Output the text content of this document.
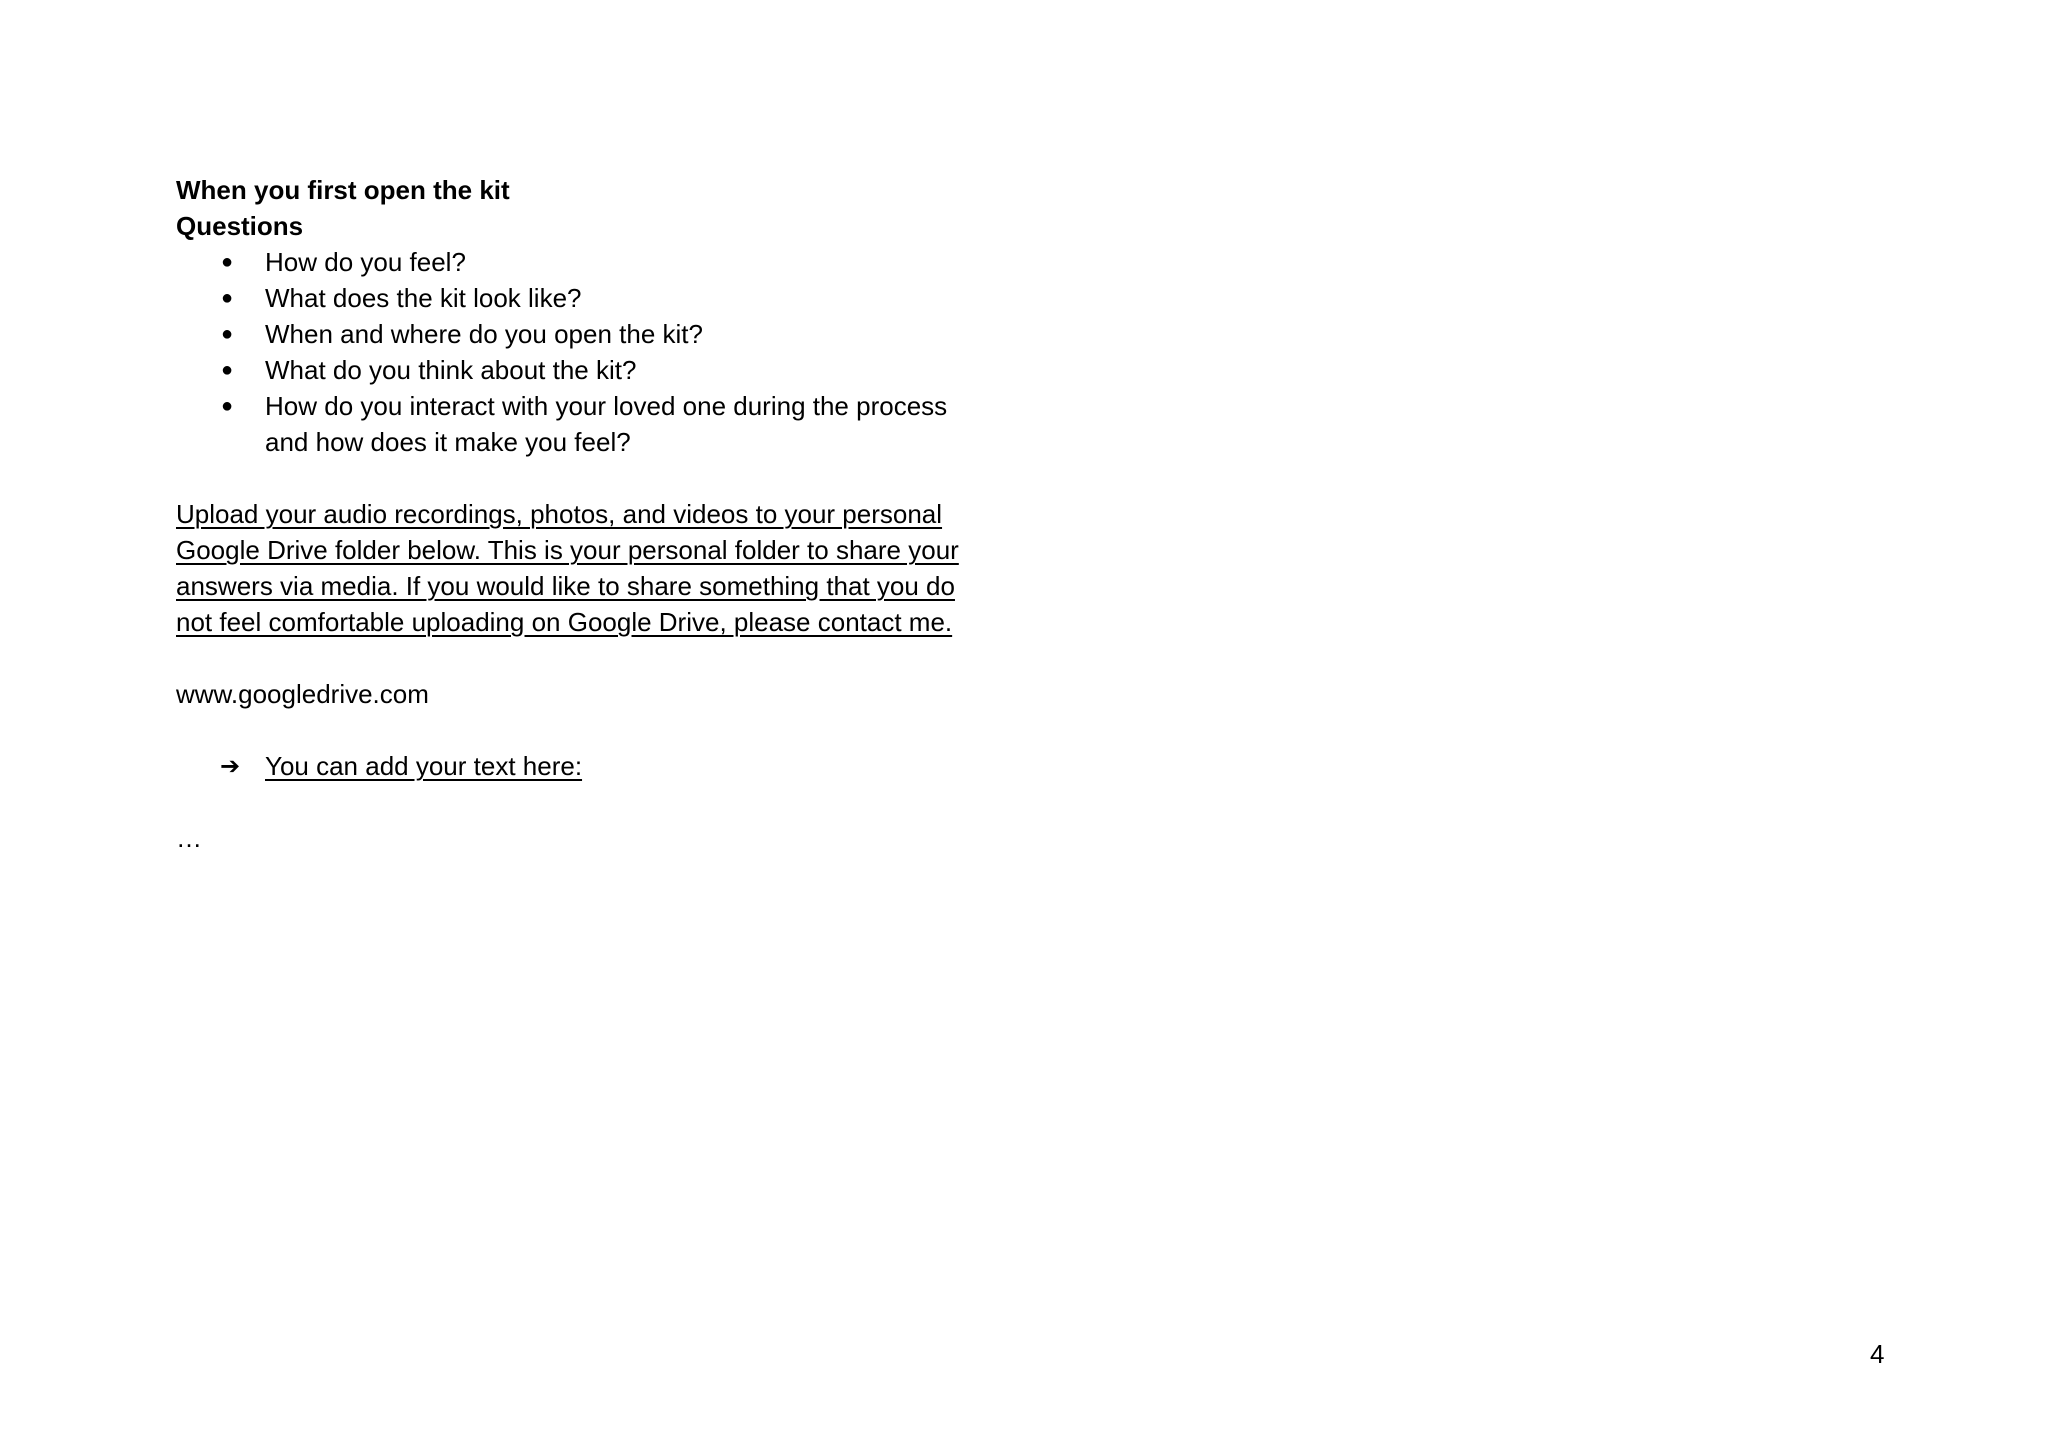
When you first open the kit

Questions

● How do you feel?
● What does the kit look like?
● When and where do you open the kit?
● What do you think about the kit?
● How do you interact with your loved one during the process and how does it make you feel?
Upload your audio recordings, photos, and videos to your personal Google Drive folder below. This is your personal folder to share your answers via media. If you would like to share something that you do not feel comfortable uploading on Google Drive, please contact me.
www.googledrive.com
➔ You can add your text here:
…
4
